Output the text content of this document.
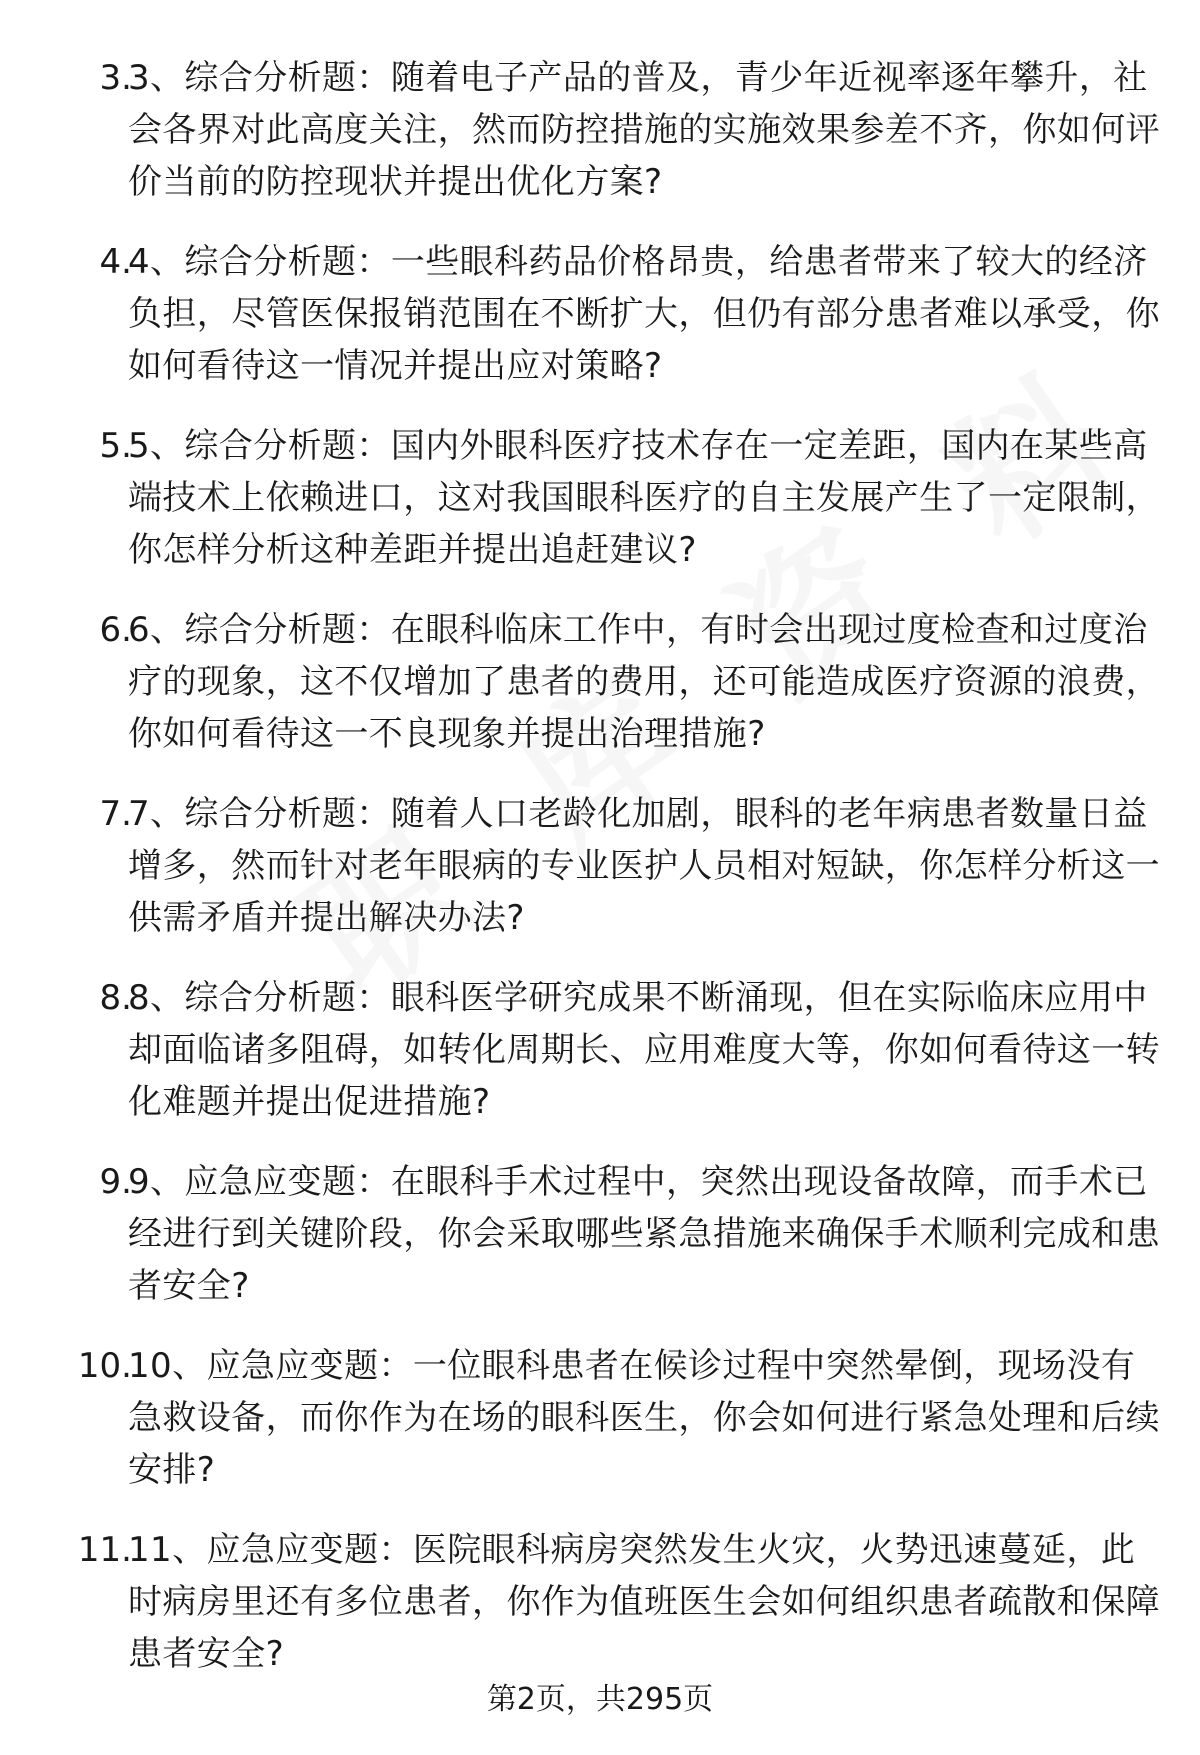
3.
3、综合分析题：随着电子产品的普及，青少年近视率逐年攀升，社会各界对此高度关注，然而防控措施的实施效果参差不齐，你如何评价当前的防控现状并提出优化方案?
4.
4、综合分析题：一些眼科药品价格昂贵，给患者带来了较大的经济负担，尽管医保报销范围在不断扩大，但仍有部分患者难以承受，你如何看待这一情况并提出应对策略?
5.
5、综合分析题：国内外眼科医疗技术存在一定差距，国内在某些高端技术上依赖进口，这对我国眼科医疗的自主发展产生了一定限制，你怎样分析这种差距并提出追赶建议?
6.
6、综合分析题：在眼科临床工作中，有时会出现过度检查和过度治疗的现象，这不仅增加了患者的费用，还可能造成医疗资源的浪费，你如何看待这一不良现象并提出治理措施?
7.
7、综合分析题：随着人口老龄化加剧，眼科的老年病患者数量日益增多，然而针对老年眼病的专业医护人员相对短缺，你怎样分析这一供需矛盾并提出解决办法?
8.
8、综合分析题：眼科医学研究成果不断涌现，但在实际临床应用中却面临诸多阻碍，如转化周期长、应用难度大等，你如何看待这一转化难题并提出促进措施?
9.
9、应急应变题：在眼科手术过程中，突然出现设备故障，而手术已经进行到关键阶段，你会采取哪些紧急措施来确保手术顺利完成和患者安全?
10.
10、应急应变题：一位眼科患者在候诊过程中突然晕倒，现场没有急救设备，而你作为在场的眼科医生，你会如何进行紧急处理和后续安排?
11.
11、应急应变题：医院眼科病房突然发生火灾，火势迅速蔓延，此时病房里还有多位患者，你作为值班医生会如何组织患者疏散和保障患者安全?
第2页，共295页
